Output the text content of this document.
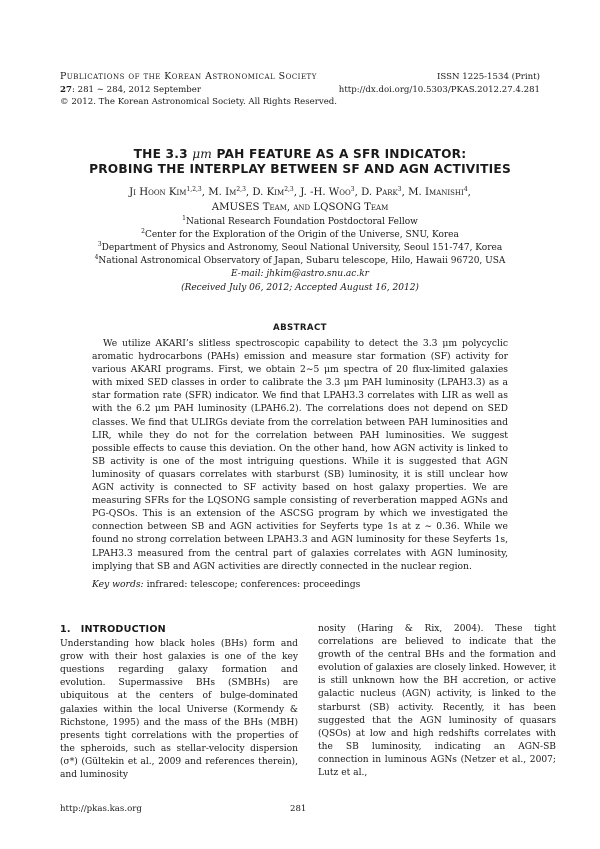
Publications of the Korean Astronomical Society
27: 281 ∼ 284, 2012 September
© 2012. The Korean Astronomical Society. All Rights Reserved.
ISSN 1225-1534 (Print)
http://dx.doi.org/10.5303/PKAS.2012.27.4.281
THE 3.3 μm PAH FEATURE AS A SFR INDICATOR:
PROBING THE INTERPLAY BETWEEN SF AND AGN ACTIVITIES
Ji Hoon Kim$^{1,2,3}$, M. Im$^{2,3}$, D. Kim$^{2,3}$, J. -H. Woo$^3$, D. Park$^3$, M. Imanishi$^4$,
AMUSES Team, and LQSONG Team
$^1$National Research Foundation Postdoctoral Fellow
$^2$Center for the Exploration of the Origin of the Universe, SNU, Korea
$^3$Department of Physics and Astronomy, Seoul National University, Seoul 151-747, Korea
$^4$National Astronomical Observatory of Japan, Subaru telescope, Hilo, Hawaii 96720, USA
E-mail: jhkim@astro.snu.ac.kr
(Received July 06, 2012; Accepted August 16, 2012)
ABSTRACT
We utilize AKARI’s slitless spectroscopic capability to detect the 3.3 μm polycyclic aromatic hydrocarbons (PAHs) emission and measure star formation (SF) activity for various AKARI programs. First, we obtain 2∼5 μm spectra of 20 flux-limited galaxies with mixed SED classes in order to calibrate the 3.3 μm PAH luminosity (LPAH3.3) as a star formation rate (SFR) indicator. We find that LPAH3.3 correlates with LIR as well as with the 6.2 μm PAH luminosity (LPAH6.2). The correlations does not depend on SED classes. We find that ULIRGs deviate from the correlation between PAH luminosities and LIR, while they do not for the correlation between PAH luminosities. We suggest possible effects to cause this deviation. On the other hand, how AGN activity is linked to SB activity is one of the most intriguing questions. While it is suggested that AGN luminosity of quasars correlates with starburst (SB) luminosity, it is still unclear how AGN activity is connected to SF activity based on host galaxy properties. We are measuring SFRs for the LQSONG sample consisting of reverberation mapped AGNs and PG-QSOs. This is an extension of the ASCSG program by which we investigated the connection between SB and AGN activities for Seyferts type 1s at z ∼ 0.36. While we found no strong correlation between LPAH3.3 and AGN luminosity for these Seyferts 1s, LPAH3.3 measured from the central part of galaxies correlates with AGN luminosity, implying that SB and AGN activities are directly connected in the nuclear region.
Key words: infrared: telescope; conferences: proceedings
1. INTRODUCTION
Understanding how black holes (BHs) form and grow with their host galaxies is one of the key questions regarding galaxy formation and evolution. Supermassive BHs (SMBHs) are ubiquitous at the centers of bulge-dominated galaxies within the local Universe (Kormendy & Richstone, 1995) and the mass of the BHs (MBH) presents tight correlations with the properties of the spheroids, such as stellar-velocity dispersion (σ*) (Gültekin et al., 2009 and references therein), and luminosity
nosity (Haring & Rix, 2004). These tight correlations are believed to indicate that the growth of the central BHs and the formation and evolution of galaxies are closely linked. However, it is still unknown how the BH accretion, or active galactic nucleus (AGN) activity, is linked to the starburst (SB) activity. Recently, it has been suggested that the AGN luminosity of quasars (QSOs) at low and high redshifts correlates with the SB luminosity, indicating an AGN-SB connection in luminous AGNs (Netzer et al., 2007; Lutz et al.,
http://pkas.kas.org	281
